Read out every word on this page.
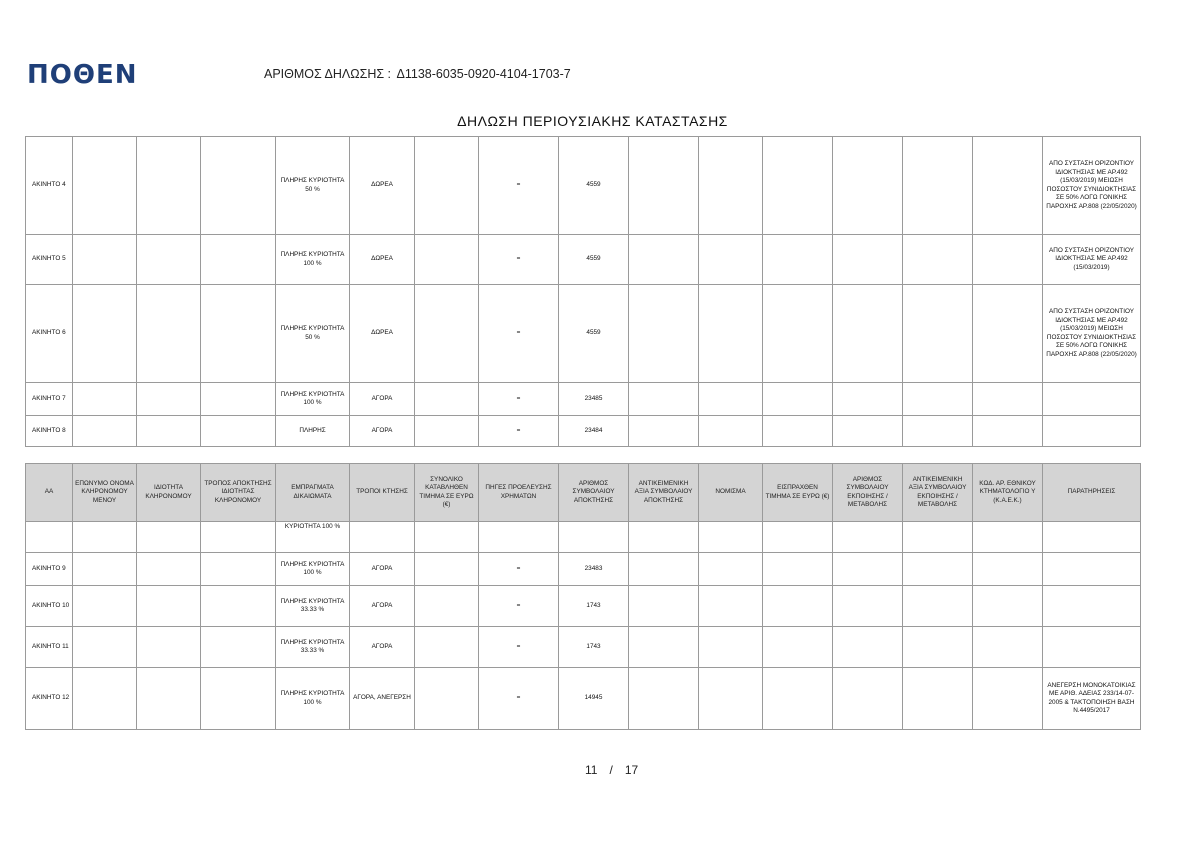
ΠΟΘΕΝ	ΑΡΙΘΜΟΣ ΔΗΛΩΣΗΣ : Δ1138-6035-0920-4104-1703-7
ΔΗΛΩΣΗ ΠΕΡΙΟΥΣΙΑΚΗΣ ΚΑΤΑΣΤΑΣΗΣ
ΑΚΙΝΗΤΟ 4				ΠΛΗΡΗΣ ΚΥΡΙΟΤΗΤΑ 50 %	ΔΩΡΕΑ		=	4559							ΑΠΟ ΣΥΣΤΑΣΗ ΟΡΙΖΟΝΤΙΟΥ ΙΔΙΟΚΤΗΣΙΑΣ ΜΕ ΑΡ.492 (15/03/2019) ΜΕΙΩΣΗ ΠΟΣΟΣΤΟΥ ΣΥΝΙΔΙΟΚΤΗΣΙΑΣ ΣΕ 50% ΛΟΓΩ ΓΟΝΙΚΗΣ ΠΑΡΟΧΗΣ ΑΡ.808 (22/05/2020)
ΑΚΙΝΗΤΟ 5				ΠΛΗΡΗΣ ΚΥΡΙΟΤΗΤΑ 100 %	ΔΩΡΕΑ		=	4559							ΑΠΟ ΣΥΣΤΑΣΗ ΟΡΙΖΟΝΤΙΟΥ ΙΔΙΟΚΤΗΣΙΑΣ ΜΕ ΑΡ.492 (15/03/2019)
ΑΚΙΝΗΤΟ 6				ΠΛΗΡΗΣ ΚΥΡΙΟΤΗΤΑ 50 %	ΔΩΡΕΑ		=	4559							ΑΠΟ ΣΥΣΤΑΣΗ ΟΡΙΖΟΝΤΙΟΥ ΙΔΙΟΚΤΗΣΙΑΣ ΜΕ ΑΡ.492 (15/03/2019) ΜΕΙΩΣΗ ΠΟΣΟΣΤΟΥ ΣΥΝΙΔΙΟΚΤΗΣΙΑΣ ΣΕ 50% ΛΟΓΩ ΓΟΝΙΚΗΣ ΠΑΡΟΧΗΣ ΑΡ.808 (22/05/2020)
ΑΚΙΝΗΤΟ 7				ΠΛΗΡΗΣ ΚΥΡΙΟΤΗΤΑ 100 %	ΑΓΟΡΑ		=	23485							
ΑΚΙΝΗΤΟ 8				ΠΛΗΡΗΣ	ΑΓΟΡΑ		=	23484							
ΑΑ	ΕΠΩΝΥΜΟ ΟΝΟΜΑ ΚΛΗΡΟΝΟΜΟΥ ΜΕΝΟΥ	ΙΔΙΟΤΗΤΑ ΚΛΗΡΟΝΟΜΟΥ	ΤΡΟΠΟΣ ΑΠΟΚΤΗΣΗΣ ΙΔΙΟΤΗΤΑΣ ΚΛΗΡΟΝΟΜΟΥ	ΕΜΠΡΑΓΜΑΤΑ ΔΙΚΑΙΩΜΑΤΑ	ΤΡΟΠΟΙ ΚΤΗΣΗΣ	ΣΥΝΟΛΙΚΟ ΚΑΤΑΒΛΗΘΕΝ ΤΙΜΗΜΑ ΣΕ ΕΥΡΩ (€)	ΠΗΓΕΣ ΠΡΟΕΛΕΥΣΗΣ ΧΡΗΜΑΤΩΝ	ΑΡΙΘΜΟΣ ΣΥΜΒΟΛΑΙΟΥ ΑΠΟΚΤΗΣΗΣ	ΑΝΤΙΚΕΙΜΕΝΙΚΗ ΑΞΙΑ ΣΥΜΒΟΛΑΙΟΥ ΑΠΟΚΤΗΣΗΣ	ΝΟΜΙΣΜΑ	ΕΙΣΠΡΑΧΘΕΝ ΤΙΜΗΜΑ ΣΕ ΕΥΡΩ (€)	ΑΡΙΘΜΟΣ ΣΥΜΒΟΛΑΙΟΥ ΕΚΠΟΙΗΣΗΣ /ΜΕΤΑΒΟΛΗΣ	ΑΝΤΙΚΕΙΜΕΝΙΚΗ ΑΞΙΑ ΣΥΜΒΟΛΑΙΟΥ ΕΚΠΟΙΗΣΗΣ / ΜΕΤΑΒΟΛΗΣ	ΚΩΔ. ΑΡ. ΕΘΝΙΚΟΥ ΚΤΗΜΑΤΟΛΟΓΙΟ Υ (Κ.Α.Ε.Κ.)	ΠΑΡΑΤΗΡΗΣΕΙΣ
				ΚΥΡΙΟΤΗΤΑ 100 %											
ΑΚΙΝΗΤΟ 9				ΠΛΗΡΗΣ ΚΥΡΙΟΤΗΤΑ 100 %	ΑΓΟΡΑ		=	23483							
ΑΚΙΝΗΤΟ 10				ΠΛΗΡΗΣ ΚΥΡΙΟΤΗΤΑ 33.33 %	ΑΓΟΡΑ		=	1743							
ΑΚΙΝΗΤΟ 11				ΠΛΗΡΗΣ ΚΥΡΙΟΤΗΤΑ 33.33 %	ΑΓΟΡΑ		=	1743							
ΑΚΙΝΗΤΟ 12				ΠΛΗΡΗΣ ΚΥΡΙΟΤΗΤΑ 100 %	ΑΓΟΡΑ, ΑΝΕΓΕΡΣΗ		=	14945							ΑΝΕΓΕΡΣΗ ΜΟΝΟΚΑΤΟΙΚΙΑΣ ΜΕ ΑΡΙΘ. ΑΔΕΙΑΣ 233/14-07-2005 & ΤΑΚΤΟΠΟΙΗΣΗ ΒΑΣΗ Ν.4495/2017
11 / 17
